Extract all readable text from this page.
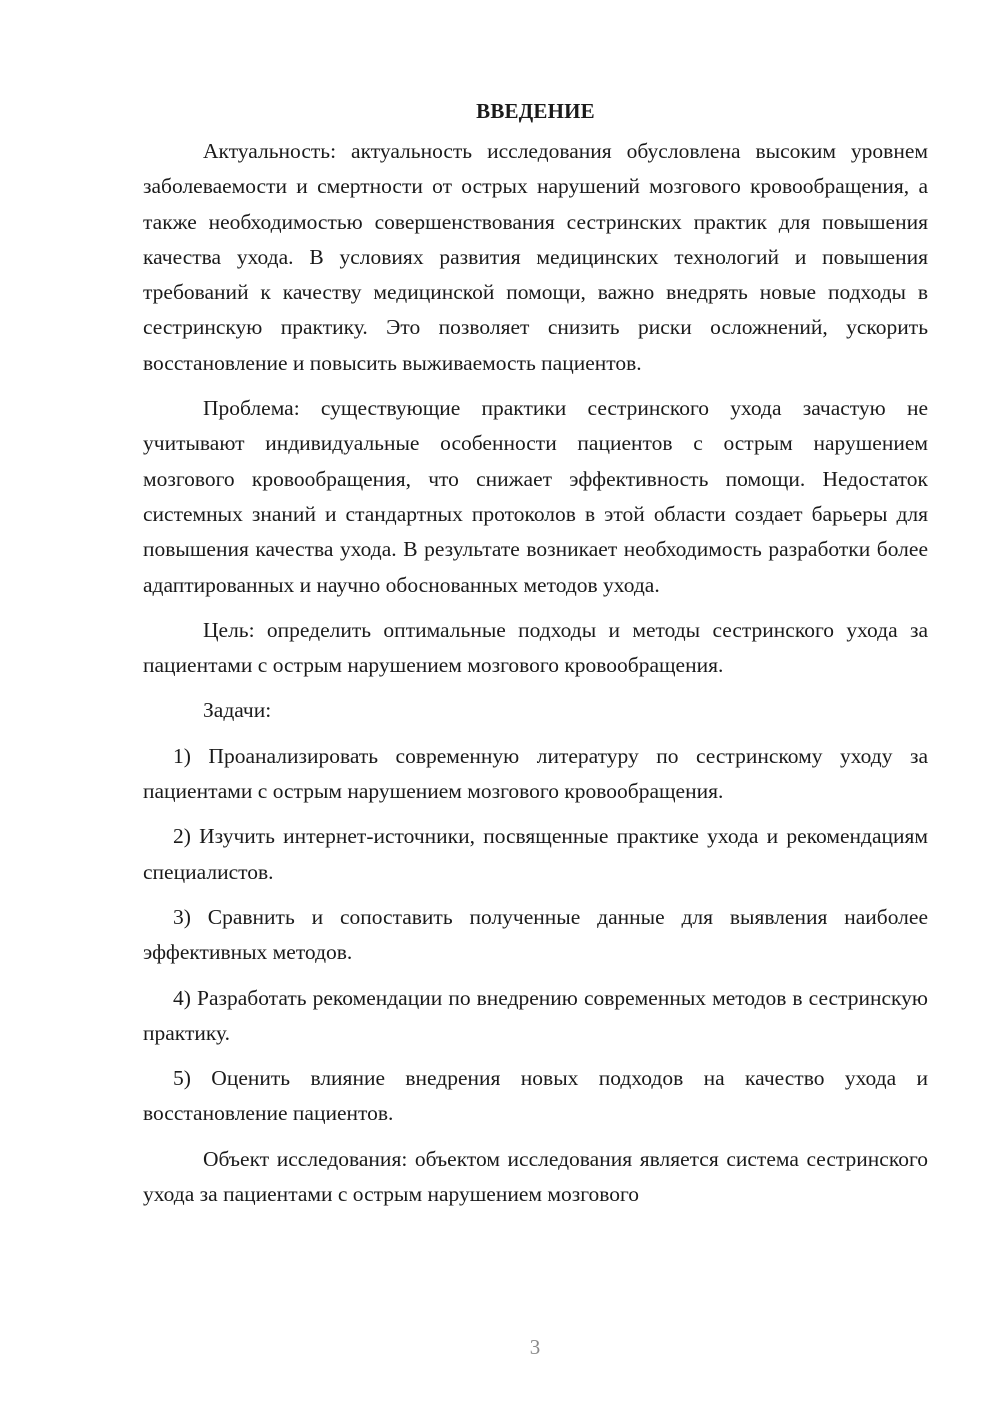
ВВЕДЕНИЕ

Актуальность: актуальность исследования обусловлена высоким уровнем заболеваемости и смертности от острых нарушений мозгового кровообращения, а также необходимостью совершенствования сестринских практик для повышения качества ухода. В условиях развития медицинских технологий и повышения требований к качеству медицинской помощи, важно внедрять новые подходы в сестринскую практику. Это позволяет снизить риски осложнений, ускорить восстановление и повысить выживаемость пациентов.

Проблема: существующие практики сестринского ухода зачастую не учитывают индивидуальные особенности пациентов с острым нарушением мозгового кровообращения, что снижает эффективность помощи. Недостаток системных знаний и стандартных протоколов в этой области создает барьеры для повышения качества ухода. В результате возникает необходимость разработки более адаптированных и научно обоснованных методов ухода.

Цель: определить оптимальные подходы и методы сестринского ухода за пациентами с острым нарушением мозгового кровообращения.

Задачи:

1) Проанализировать современную литературу по сестринскому уходу за пациентами с острым нарушением мозгового кровообращения.

2) Изучить интернет-источники, посвященные практике ухода и рекомендациям специалистов.

3) Сравнить и сопоставить полученные данные для выявления наиболее эффективных методов.

4) Разработать рекомендации по внедрению современных методов в сестринскую практику.

5) Оценить влияние внедрения новых подходов на качество ухода и восстановление пациентов.

Объект исследования: объектом исследования является система сестринского ухода за пациентами с острым нарушением мозгового

3
